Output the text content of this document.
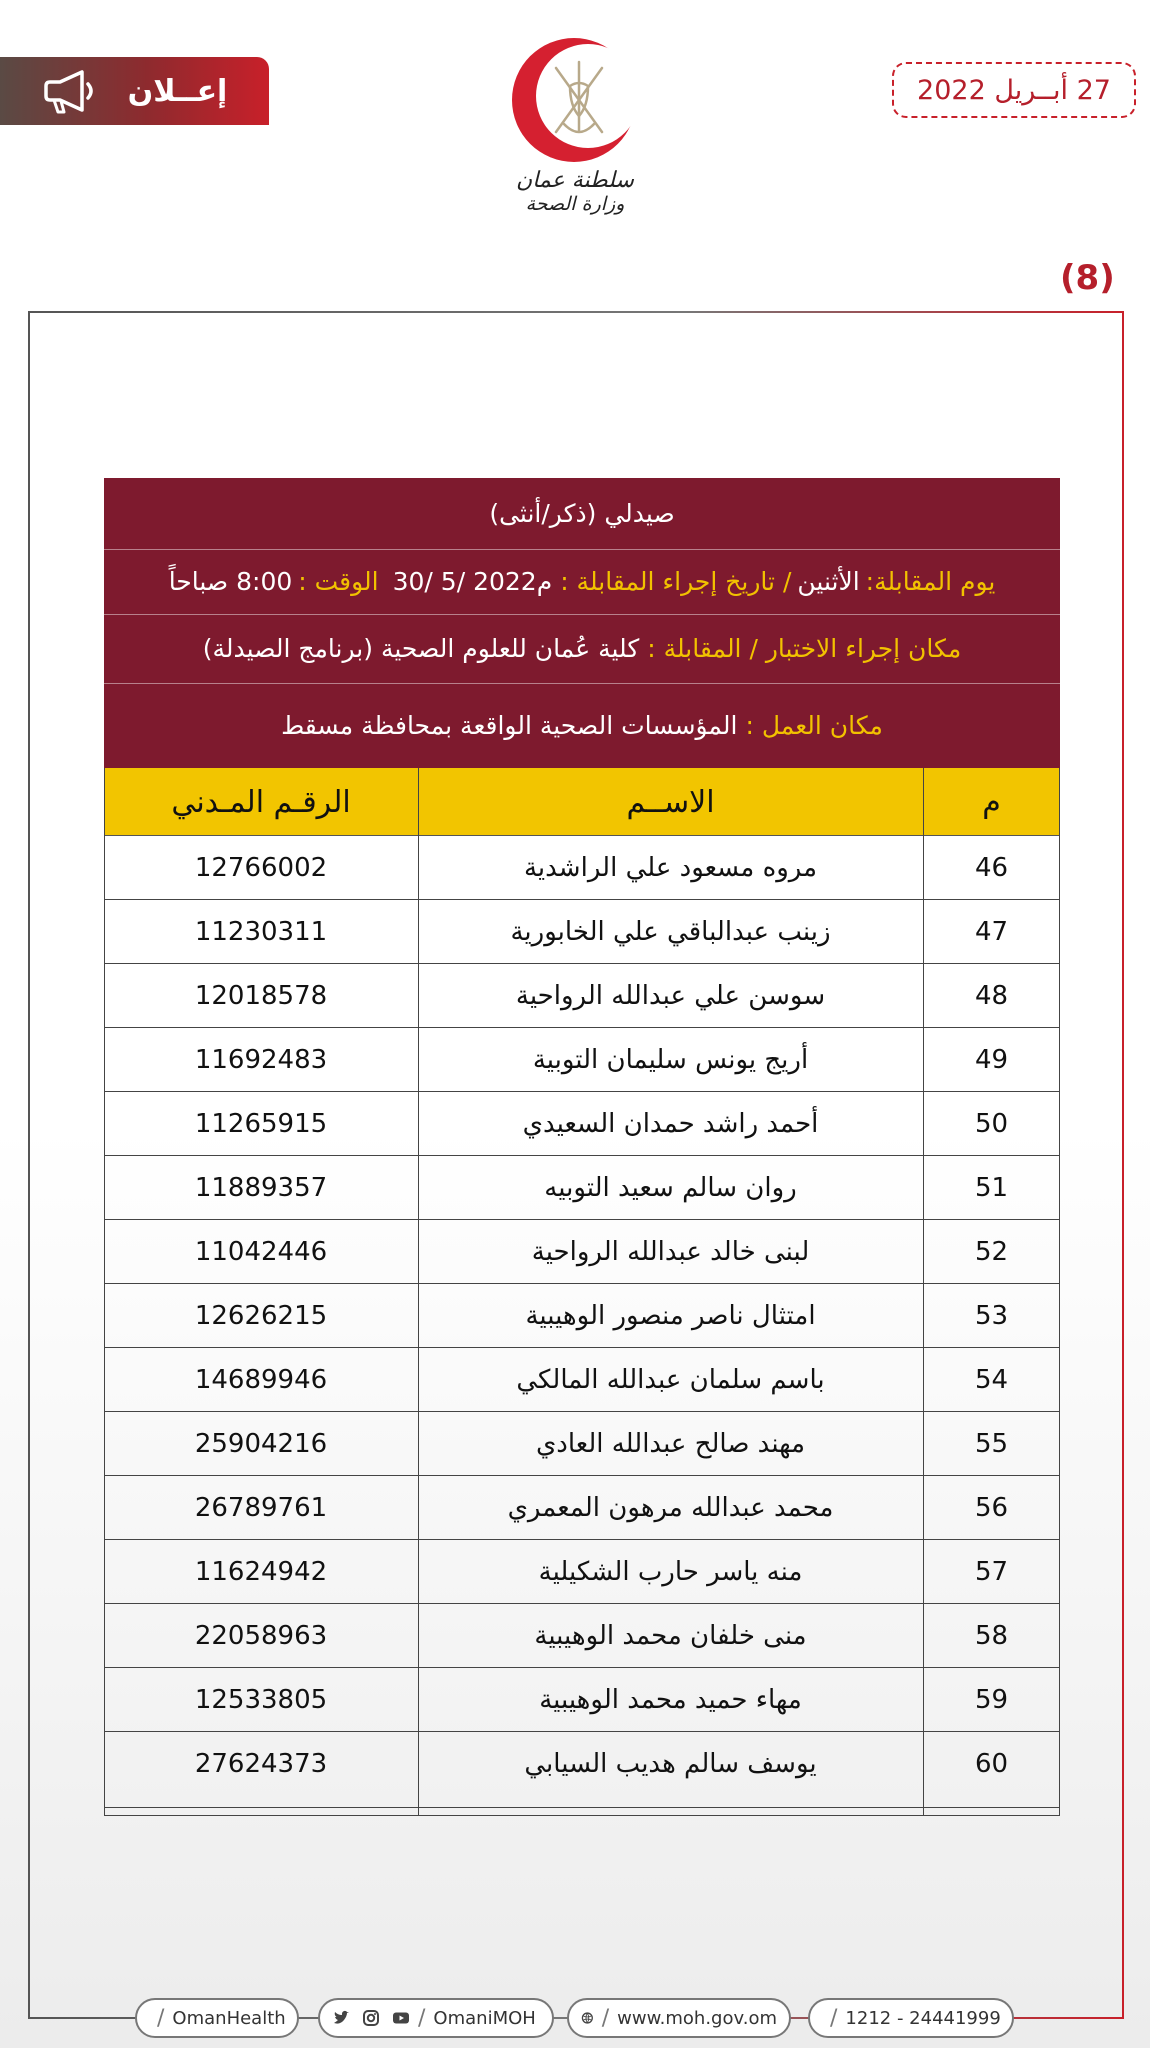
إعــلان
سلطنة عمان
وزارة الصحة
27 أبــريل 2022
(8)
صيدلي (ذكر/أنثى)
يوم المقابلة:
الأثنين
/ تاريخ إجراء المقابلة :
30/ 5/ 2022م
الوقت :
8:00 صباحاً
مكان إجراء الاختبار / المقابلة :
كلية عُمان للعلوم الصحية (برنامج الصيدلة)
مكان العمل :
المؤسسات الصحية الواقعة بمحافظة مسقط
الرقـم المـدني	الاســم	م
12766002	مروه مسعود علي الراشدية	46
11230311	زينب عبدالباقي علي الخابورية	47
12018578	سوسن علي عبدالله الرواحية	48
11692483	أريج يونس سليمان التوبية	49
11265915	أحمد راشد حمدان السعيدي	50
11889357	روان سالم سعيد التوبيه	51
11042446	لبنى خالد عبدالله الرواحية	52
12626215	امتثال ناصر منصور الوهيبية	53
14689946	باسم سلمان عبدالله المالكي	54
25904216	مهند صالح عبدالله العادي	55
26789761	محمد عبدالله مرهون المعمري	56
11624942	منه ياسر حارب الشكيلية	57
22058963	منى خلفان محمد الوهيبية	58
12533805	مهاء حميد محمد الوهيبية	59
27624373	يوسف سالم هديب السيابي	60
/ OmanHealth	/ OmaniMOH	/ www.moh.gov.om / 1212 - 24441999
